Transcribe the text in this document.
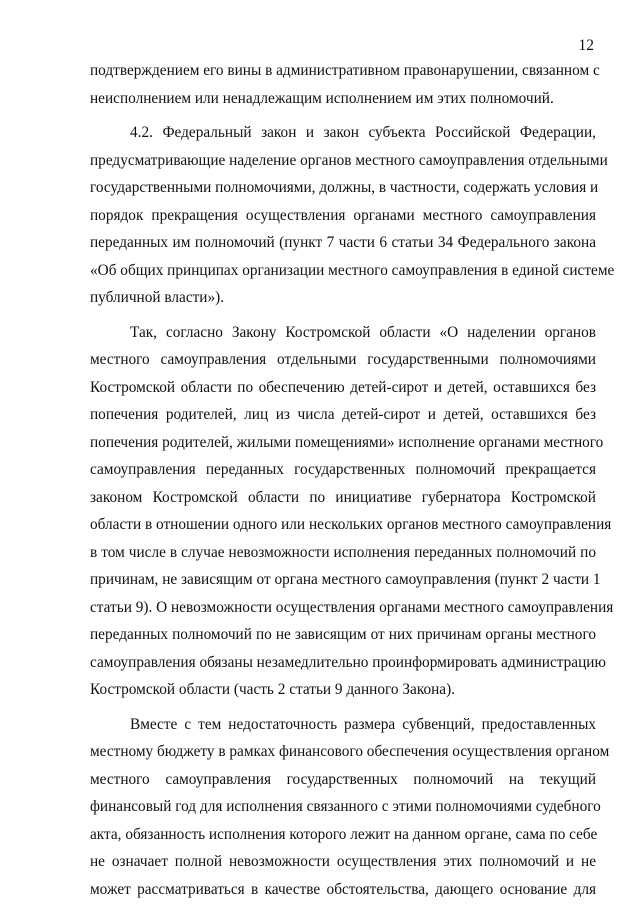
12
подтверждением его вины в административном правонарушении, связанном с
неисполнением или ненадлежащим исполнением им этих полномочий.
4.2. Федеральный закон и закон субъекта Российской Федерации,
предусматривающие наделение органов местного самоуправления отдельными
государственными полномочиями, должны, в частности, содержать условия и
порядок прекращения осуществления органами местного самоуправления
переданных им полномочий (пункт 7 части 6 статьи 34 Федерального закона
«Об общих принципах организации местного самоуправления в единой системе
публичной власти»).
Так, согласно Закону Костромской области «О наделении органов
местного самоуправления отдельными государственными полномочиями
Костромской области по обеспечению детей-сирот и детей, оставшихся без
попечения родителей, лиц из числа детей-сирот и детей, оставшихся без
попечения родителей, жилыми помещениями» исполнение органами местного
самоуправления переданных государственных полномочий прекращается
законом Костромской области по инициативе губернатора Костромской
области в отношении одного или нескольких органов местного самоуправления
в том числе в случае невозможности исполнения переданных полномочий по
причинам, не зависящим от органа местного самоуправления (пункт 2 части 1
статьи 9). О невозможности осуществления органами местного самоуправления
переданных полномочий по не зависящим от них причинам органы местного
самоуправления обязаны незамедлительно проинформировать администрацию
Костромской области (часть 2 статьи 9 данного Закона).
Вместе с тем недостаточность размера субвенций, предоставленных
местному бюджету в рамках финансового обеспечения осуществления органом
местного самоуправления государственных полномочий на текущий
финансовый год для исполнения связанного с этими полномочиями судебного
акта, обязанность исполнения которого лежит на данном органе, сама по себе
не означает полной невозможности осуществления этих полномочий и не
может рассматриваться в качестве обстоятельства, дающего основание для
